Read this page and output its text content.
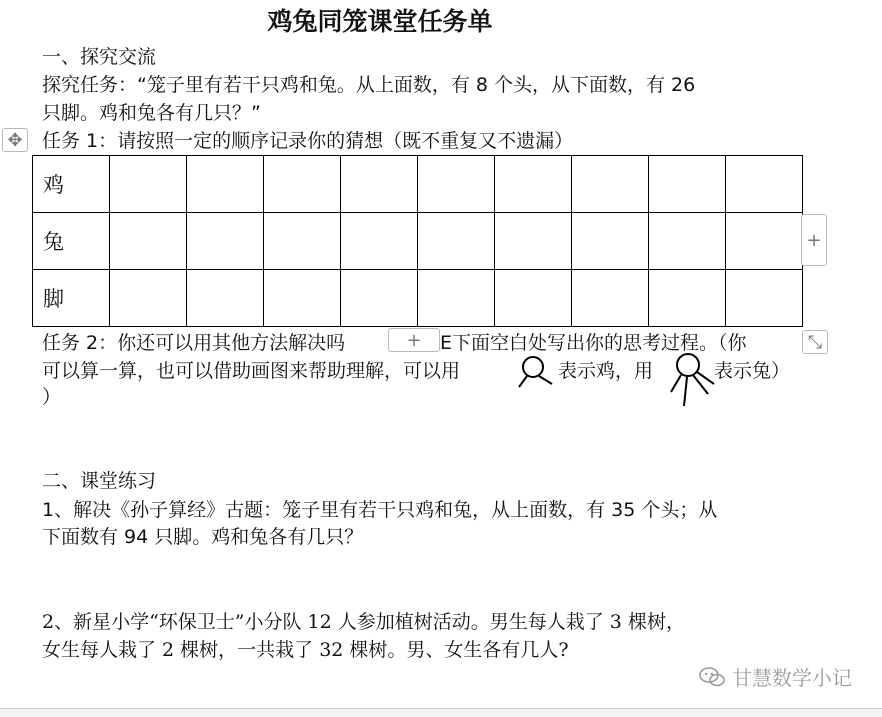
鸡兔同笼课堂任务单
一、探究交流
探究任务：“笼子里有若干只鸡和兔。从上面数，有 8 个头，从下面数，有 26
只脚。鸡和兔各有几只？”
✥ 任务 1：请按照一定的顺序记录你的猜想（既不重复又不遗漏）
鸡									
兔									
脚									
+
任务 2：你还可以用其他方法解决吗	+ E下面空白处写出你的思考过程。（你	⤡
可以算一算，也可以借助画图来帮助理解，可以用	表示鸡，用	表示兔）
）
二、课堂练习
1、解决《孙子算经》古题：笼子里有若干只鸡和兔，从上面数，有 35 个头；从
下面数有 94 只脚。鸡和兔各有几只？
2、新星小学“环保卫士”小分队 12 人参加植树活动。男生每人栽了 3 棵树，
女生每人栽了 2 棵树，一共栽了 32 棵树。男、女生各有几人?
甘慧数学小记
